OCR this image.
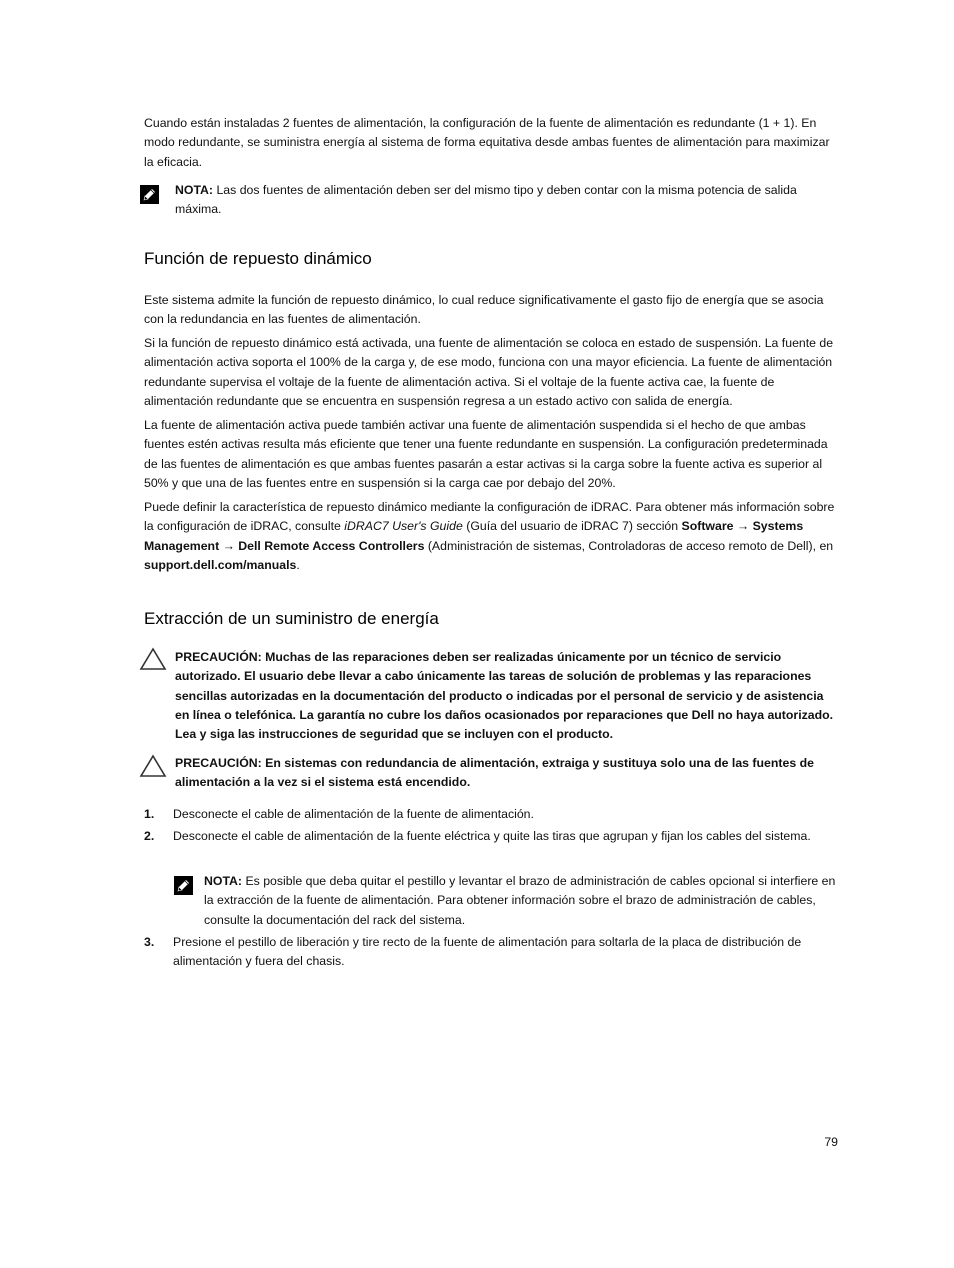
Cuando están instaladas 2 fuentes de alimentación, la configuración de la fuente de alimentación es redundante (1 + 1). En modo redundante, se suministra energía al sistema de forma equitativa desde ambas fuentes de alimentación para maximizar la eficacia.

NOTA: Las dos fuentes de alimentación deben ser del mismo tipo y deben contar con la misma potencia de salida máxima.

Función de repuesto dinámico

Este sistema admite la función de repuesto dinámico, lo cual reduce significativamente el gasto fijo de energía que se asocia con la redundancia en las fuentes de alimentación.

Si la función de repuesto dinámico está activada, una fuente de alimentación se coloca en estado de suspensión. La fuente de alimentación activa soporta el 100% de la carga y, de ese modo, funciona con una mayor eficiencia. La fuente de alimentación redundante supervisa el voltaje de la fuente de alimentación activa. Si el voltaje de la fuente activa cae, la fuente de alimentación redundante que se encuentra en suspensión regresa a un estado activo con salida de energía.

La fuente de alimentación activa puede también activar una fuente de alimentación suspendida si el hecho de que ambas fuentes estén activas resulta más eficiente que tener una fuente redundante en suspensión. La configuración predeterminada de las fuentes de alimentación es que ambas fuentes pasarán a estar activas si la carga sobre la fuente activa es superior al 50% y que una de las fuentes entre en suspensión si la carga cae por debajo del 20%.

Puede definir la característica de repuesto dinámico mediante la configuración de iDRAC. Para obtener más información sobre la configuración de iDRAC, consulte iDRAC7 User's Guide (Guía del usuario de iDRAC 7) sección Software → Systems Management → Dell Remote Access Controllers (Administración de sistemas, Controladoras de acceso remoto de Dell), en support.dell.com/manuals.

Extracción de un suministro de energía

PRECAUCIÓN: Muchas de las reparaciones deben ser realizadas únicamente por un técnico de servicio autorizado. El usuario debe llevar a cabo únicamente las tareas de solución de problemas y las reparaciones sencillas autorizadas en la documentación del producto o indicadas por el personal de servicio y de asistencia en línea o telefónica. La garantía no cubre los daños ocasionados por reparaciones que Dell no haya autorizado. Lea y siga las instrucciones de seguridad que se incluyen con el producto.

PRECAUCIÓN: En sistemas con redundancia de alimentación, extraiga y sustituya solo una de las fuentes de alimentación a la vez si el sistema está encendido.

1. Desconecte el cable de alimentación de la fuente de alimentación.

2. Desconecte el cable de alimentación de la fuente eléctrica y quite las tiras que agrupan y fijan los cables del sistema.

NOTA: Es posible que deba quitar el pestillo y levantar el brazo de administración de cables opcional si interfiere en la extracción de la fuente de alimentación. Para obtener información sobre el brazo de administración de cables, consulte la documentación del rack del sistema.

3. Presione el pestillo de liberación y tire recto de la fuente de alimentación para soltarla de la placa de distribución de alimentación y fuera del chasis.

79
